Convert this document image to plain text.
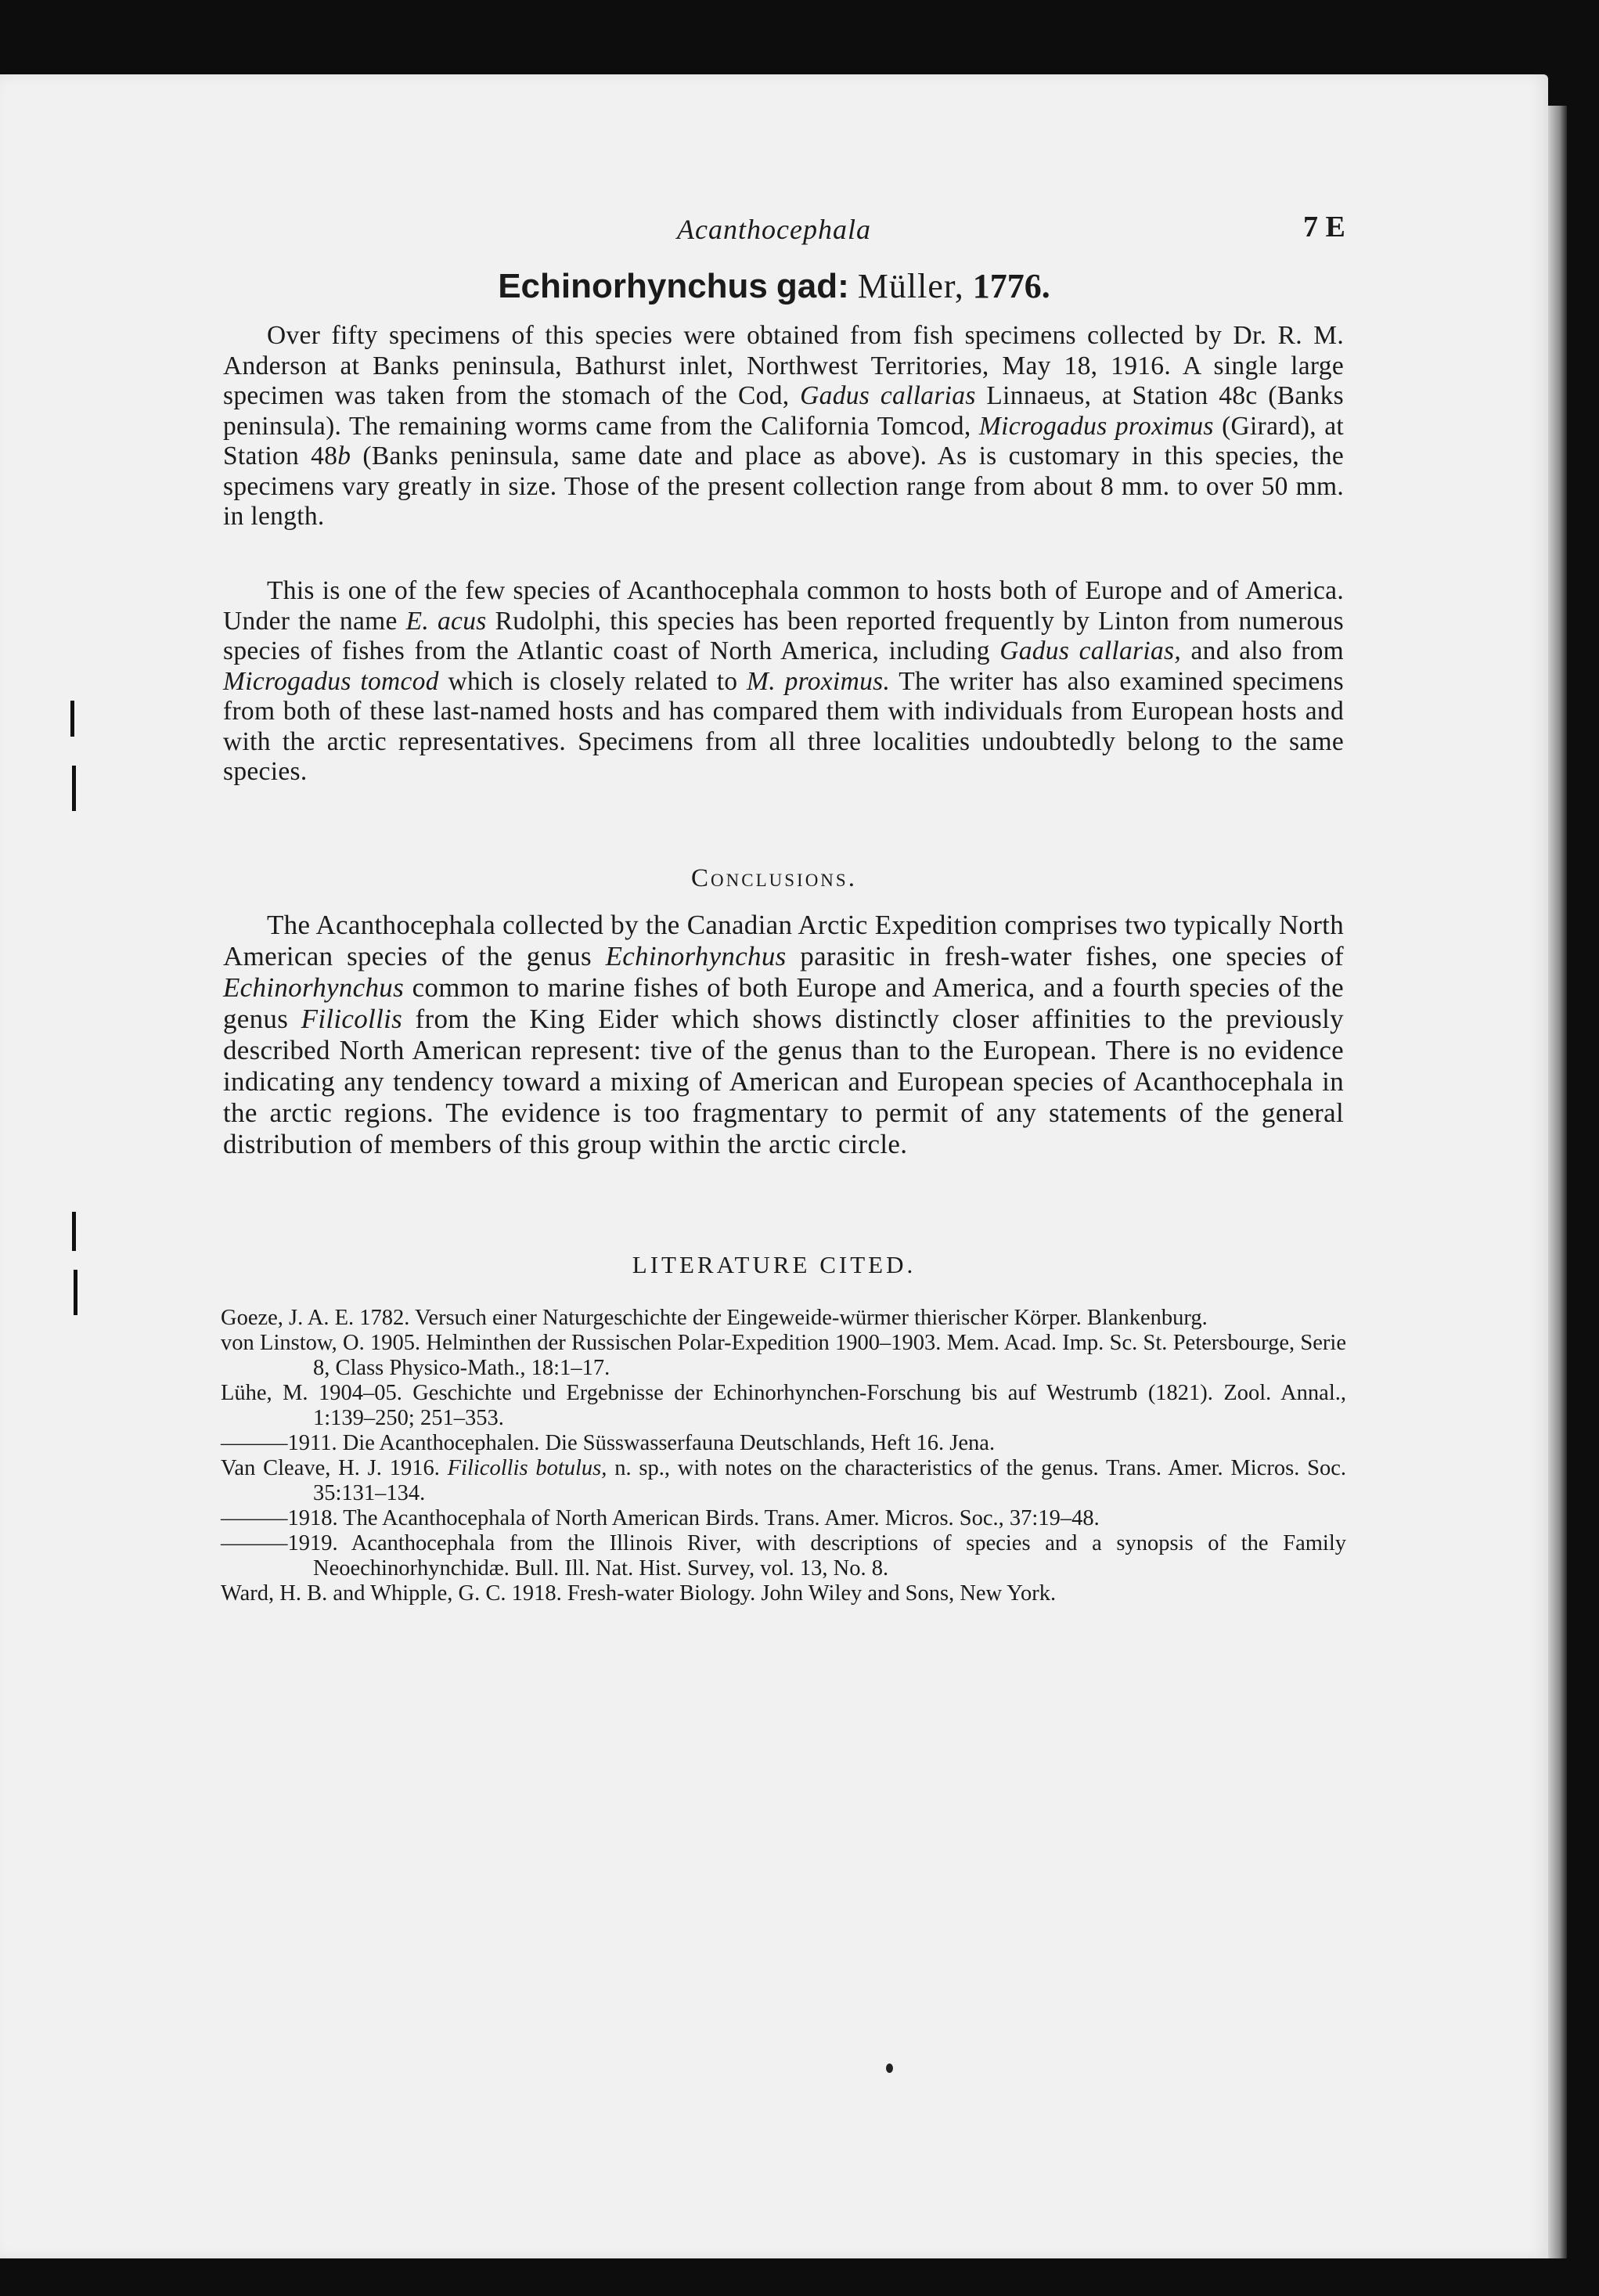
Acanthocephala	7 E
Echinorhynchus gad: Müller, 1776.

Over fifty specimens of this species were obtained from fish specimens collected by Dr. R. M. Anderson at Banks peninsula, Bathurst inlet, Northwest Territories, May 18, 1916. A single large specimen was taken from the stomach of the Cod, Gadus callarias Linnaeus, at Station 48c (Banks peninsula). The remaining worms came from the California Tomcod, Microgadus proximus (Girard), at Station 48b (Banks peninsula, same date and place as above). As is customary in this species, the specimens vary greatly in size. Those of the present collection range from about 8 mm. to over 50 mm. in length.

This is one of the few species of Acanthocephala common to hosts both of Europe and of America. Under the name E. acus Rudolphi, this species has been reported frequently by Linton from numerous species of fishes from the Atlantic coast of North America, including Gadus callarias, and also from Microgadus tomcod which is closely related to M. proximus. The writer has also examined specimens from both of these last-named hosts and has compared them with individuals from European hosts and with the arctic representatives. Specimens from all three localities undoubtedly belong to the same species.

Conclusions.

The Acanthocephala collected by the Canadian Arctic Expedition comprises two typically North American species of the genus Echinorhynchus parasitic in fresh-water fishes, one species of Echinorhynchus common to marine fishes of both Europe and America, and a fourth species of the genus Filicollis from the King Eider which shows distinctly closer affinities to the previously described North American represent: tive of the genus than to the European. There is no evidence indicating any tendency toward a mixing of American and European species of Acanthocephala in the arctic regions. The evidence is too fragmentary to permit of any statements of the general distribution of members of this group within the arctic circle.

LITERATURE CITED.

Goeze, J. A. E. 1782. Versuch einer Naturgeschichte der Eingeweide-würmer thierischer Körper. Blankenburg.

von Linstow, O. 1905. Helminthen der Russischen Polar-Expedition 1900–1903. Mem. Acad. Imp. Sc. St. Petersbourge, Serie 8, Class Physico-Math., 18:1–17.

Lühe, M. 1904–05. Geschichte und Ergebnisse der Echinorhynchen-Forschung bis auf Westrumb (1821). Zool. Annal., 1:139–250; 251–353.

———1911. Die Acanthocephalen. Die Süsswasserfauna Deutschlands, Heft 16. Jena.

Van Cleave, H. J. 1916. Filicollis botulus, n. sp., with notes on the characteristics of the genus. Trans. Amer. Micros. Soc. 35:131–134.

———1918. The Acanthocephala of North American Birds. Trans. Amer. Micros. Soc., 37:19–48.

———1919. Acanthocephala from the Illinois River, with descriptions of species and a synopsis of the Family Neoechinorhynchidæ. Bull. Ill. Nat. Hist. Survey, vol. 13, No. 8.

Ward, H. B. and Whipple, G. C. 1918. Fresh-water Biology. John Wiley and Sons, New York.
